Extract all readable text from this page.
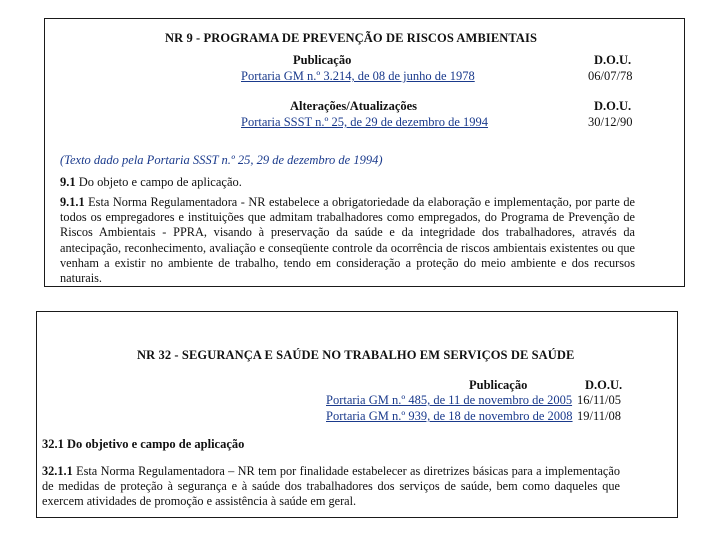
NR 9 - PROGRAMA DE PREVENÇÃO DE RISCOS AMBIENTAIS
Publicação	D.O.U.
Portaria GM n.º 3.214, de 08 de junho de 1978	06/07/78
Alterações/Atualizações	D.O.U.
Portaria SSST n.º 25, de 29 de dezembro de 1994	30/12/90
(Texto dado pela Portaria SSST n.º 25, 29 de dezembro de 1994)
9.1 Do objeto e campo de aplicação.
9.1.1 Esta Norma Regulamentadora - NR estabelece a obrigatoriedade da elaboração e implementação, por parte de
todos os empregadores e instituições que admitam trabalhadores como empregados, do Programa de Prevenção de
Riscos Ambientais - PPRA, visando à preservação da saúde e da integridade dos trabalhadores, através da
antecipação, reconhecimento, avaliação e conseqüente controle da ocorrência de riscos ambientais existentes ou que
venham a existir no ambiente de trabalho, tendo em consideração a proteção do meio ambiente e dos recursos
naturais.
NR 32 - SEGURANÇA E SAÚDE NO TRABALHO EM SERVIÇOS DE SAÚDE
Publicação	D.O.U.
Portaria GM n.º 485, de 11 de novembro de 2005 16/11/05
Portaria GM n.º 939, de 18 de novembro de 2008 19/11/08
32.1 Do objetivo e campo de aplicação
32.1.1 Esta Norma Regulamentadora – NR tem por finalidade estabelecer as diretrizes básicas para a implementação
de medidas de proteção à segurança e à saúde dos trabalhadores dos serviços de saúde, bem como daqueles que
exercem atividades de promoção e assistência à saúde em geral.
